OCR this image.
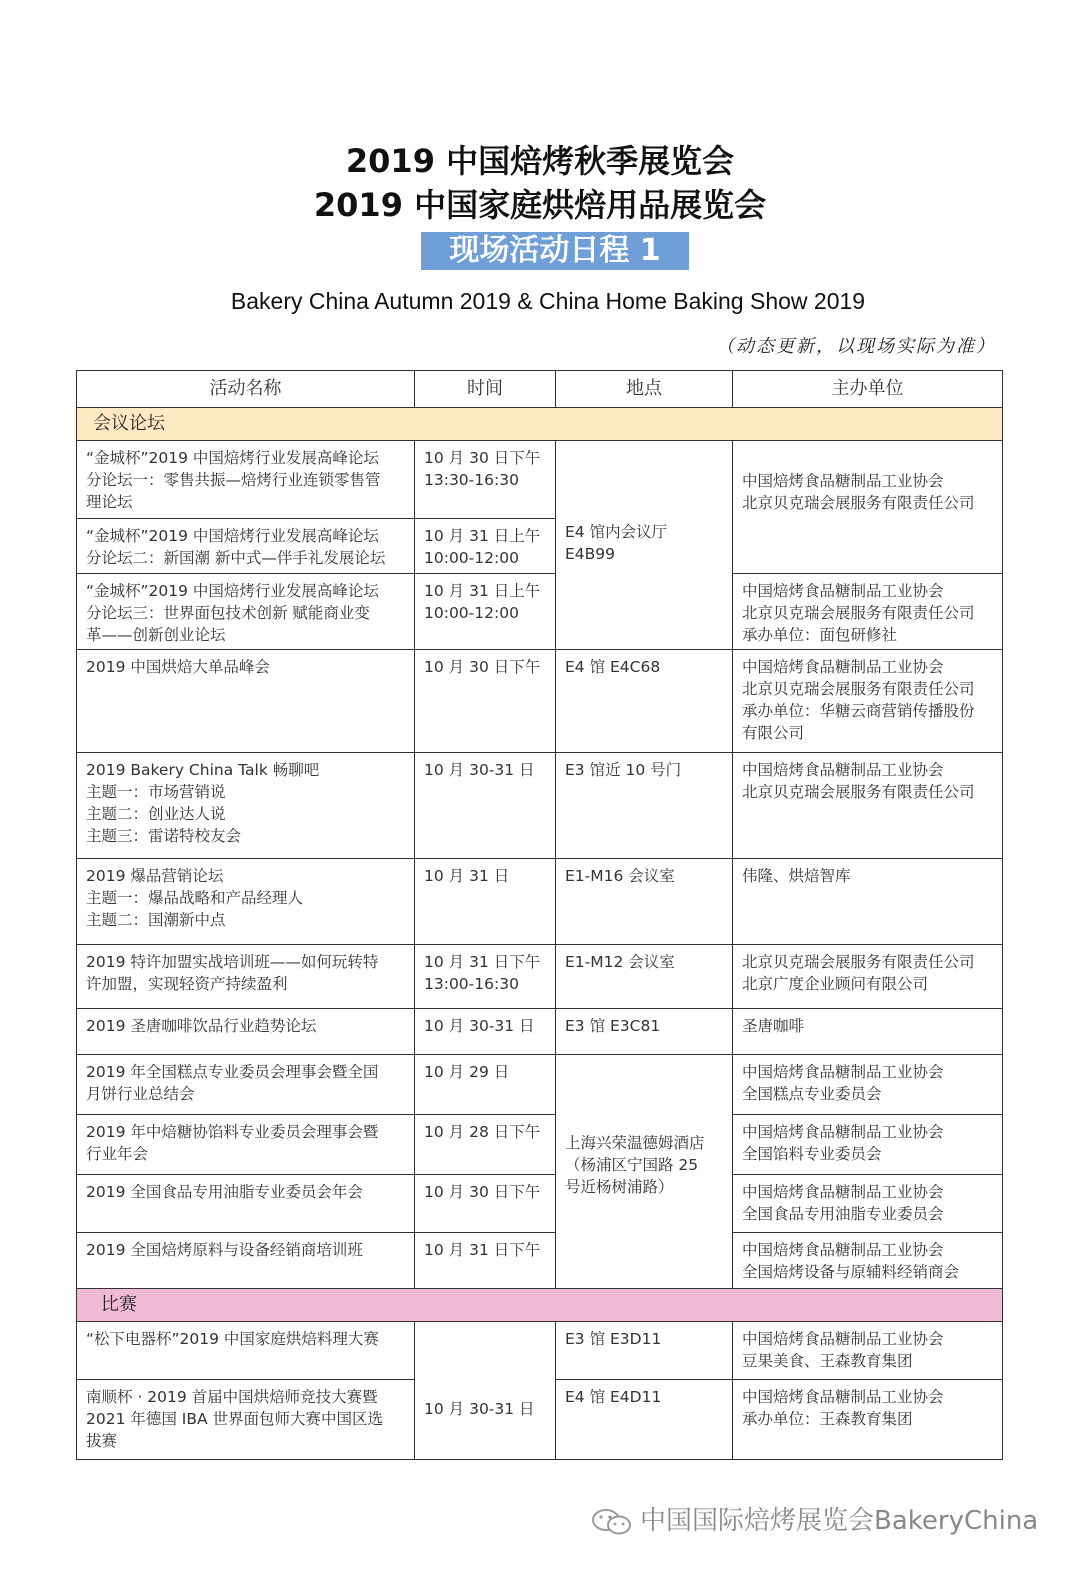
2019 中国焙烤秋季展览会
2019 中国家庭烘焙用品展览会
现场活动日程 1
Bakery China Autumn 2019 & China Home Baking Show 2019
（动态更新，以现场实际为准）
活动名称	时间	地点	主办单位
会议论坛			

“金城杯”2019 中国焙烤行业发展高峰论坛
分论坛一：零售共振—焙烤行业连锁零售管
理论坛	10 月 30 日下午
13:30-16:30	E4 馆内会议厅
E4B99	中国焙烤食品糖制品工业协会
北京贝克瑞会展服务有限责任公司

“金城杯”2019 中国焙烤行业发展高峰论坛
分论坛二：新国潮 新中式—伴手礼发展论坛	10 月 31 日上午
10:00-12:00		

“金城杯”2019 中国焙烤行业发展高峰论坛
分论坛三：世界面包技术创新 赋能商业变
革——创新创业论坛	10 月 31 日上午
10:00-12:00		中国焙烤食品糖制品工业协会
北京贝克瑞会展服务有限责任公司
承办单位：面包研修社

2019 中国烘焙大单品峰会	10 月 30 日下午	E4 馆 E4C68	中国焙烤食品糖制品工业协会
北京贝克瑞会展服务有限责任公司
承办单位：华糖云商营销传播股份
有限公司

2019 Bakery China Talk 畅聊吧
主题一：市场营销说
主题二：创业达人说
主题三：雷诺特校友会	10 月 30-31 日	E3 馆近 10 号门	中国焙烤食品糖制品工业协会
北京贝克瑞会展服务有限责任公司

2019 爆品营销论坛
主题一：爆品战略和产品经理人
主题二：国潮新中点	10 月 31 日	E1-M16 会议室	伟隆、烘焙智库

2019 特许加盟实战培训班——如何玩转特
许加盟，实现轻资产持续盈利	10 月 31 日下午
13:00-16:30	E1-M12 会议室	北京贝克瑞会展服务有限责任公司
北京广度企业顾问有限公司

2019 圣唐咖啡饮品行业趋势论坛	10 月 30-31 日	E3 馆 E3C81	圣唐咖啡

2019 年全国糕点专业委员会理事会暨全国
月饼行业总结会	10 月 29 日	上海兴荣温德姆酒店
（杨浦区宁国路 25
号近杨树浦路）	中国焙烤食品糖制品工业协会
全国糕点专业委员会

2019 年中焙糖协馅料专业委员会理事会暨
行业年会	10 月 28 日下午		中国焙烤食品糖制品工业协会
全国馅料专业委员会

2019 全国食品专用油脂专业委员会年会	10 月 30 日下午		中国焙烤食品糖制品工业协会
全国食品专用油脂专业委员会

2019 全国焙烤原料与设备经销商培训班	10 月 31 日下午		中国焙烤食品糖制品工业协会
全国焙烤设备与原辅料经销商会

比赛			

“松下电器杯”2019 中国家庭烘焙料理大赛	10 月 30-31 日	E3 馆 E3D11	中国焙烤食品糖制品工业协会
豆果美食、王森教育集团

南顺杯 · 2019 首届中国烘焙师竞技大赛暨
2021 年德国 IBA 世界面包师大赛中国区选
拔赛		E4 馆 E4D11	中国焙烤食品糖制品工业协会
承办单位：王森教育集团
中国国际焙烤展览会BakeryChina
